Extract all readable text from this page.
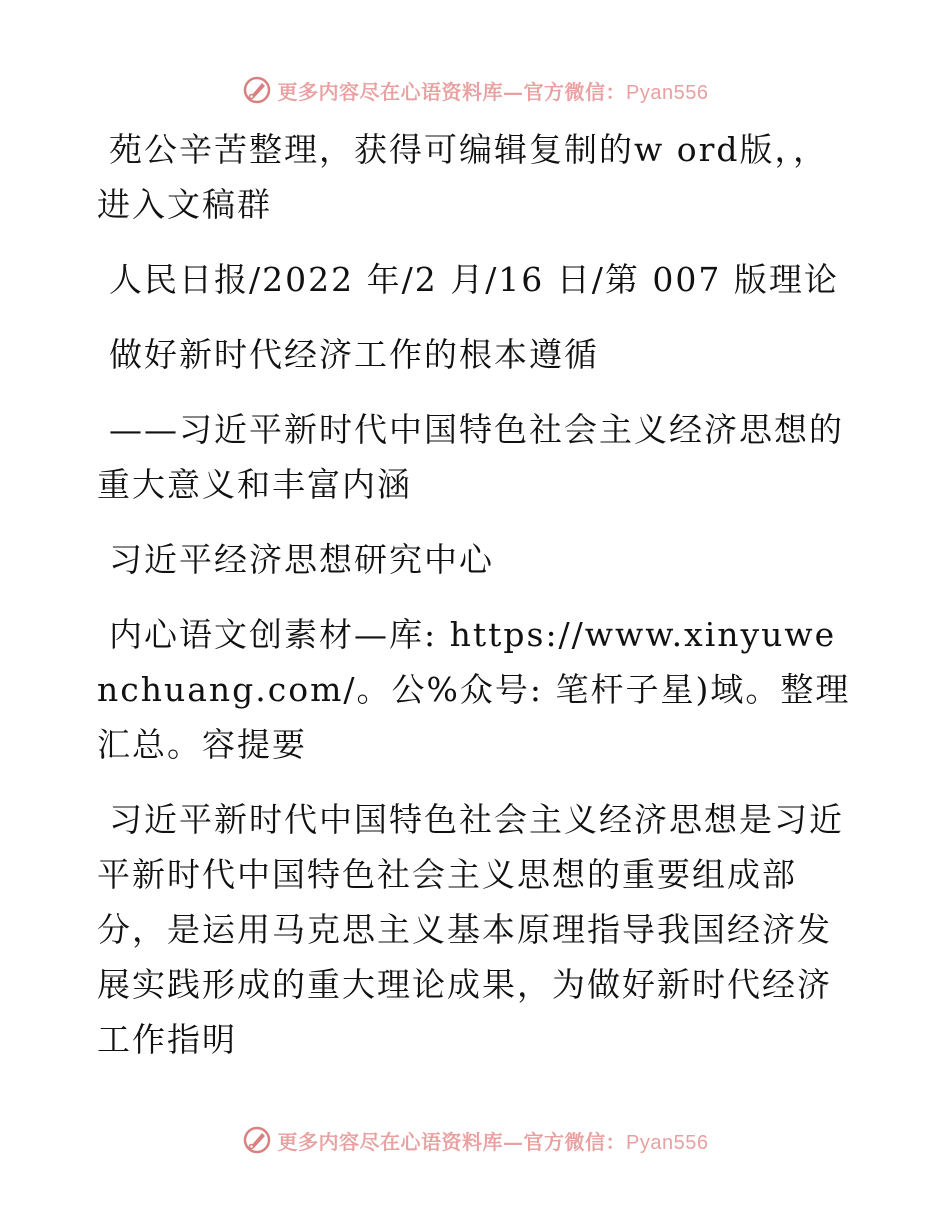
更多内容尽在心语资料库—官方微信：Pyan556

苑公辛苦整理，获得可编辑复制的w ord版，，进入文稿群

人民日报/2022 年/2 月/16 日/第 007 版理论

做好新时代经济工作的根本遵循

——习近平新时代中国特色社会主义经济思想的重大意义和丰富内涵

习近平经济思想研究中心

内心语文创素材—库: https://www.xinyuwenchuang.com/。公%众号: 笔杆子星)域。整理汇总。容提要

习近平新时代中国特色社会主义经济思想是习近平新时代中国特色社会主义思想的重要组成部分，是运用马克思主义基本原理指导我国经济发展实践形成的重大理论成果，为做好新时代经济工作指明

更多内容尽在心语资料库—官方微信：Pyan556
